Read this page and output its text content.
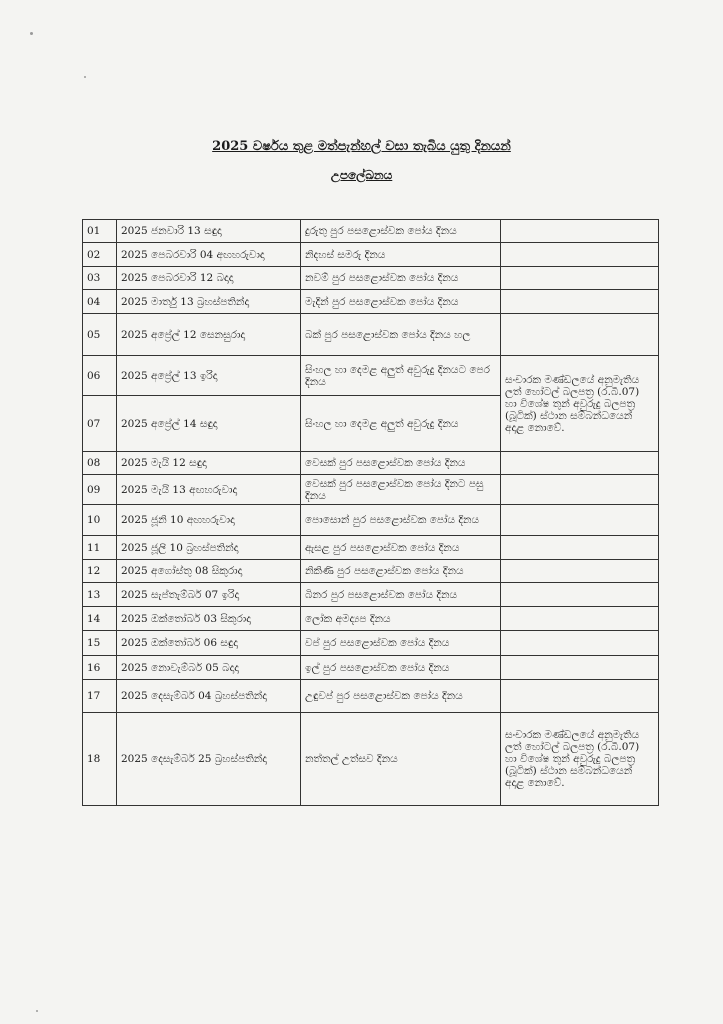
2025 වර්ෂය තුළ මත්පැන්හල් වසා තැබිය යුතු දිනයන්
උපලේඛනය
01	2025 ජනවාරි 13 සඳුදා	දුරුතු පුර පසළොස්වක පෝය දිනය	
02	2025 පෙබරවාරි 04 අඟහරුවාදා	නිදහස් සමරු දිනය	
03	2025 පෙබරවාරි 12 බදාදා	නවම් පුර පසළොස්වක පෝය දිනය	
04	2025 මාර්තු 13 බ්‍රහස්පතින්දා	මැදින් පුර පසළොස්වක පෝය දිනය	
05	2025 අප්‍රේල් 12 සෙනසුරාදා	බක් පුර පසළොස්වක පෝය දිනය හල	
06	2025 අප්‍රේල් 13 ඉරිදා	සිංහල හා දෙමළ අලුත් අවුරුදු දිනයට පෙර දිනය	සංචාරක මණ්ඩලයේ අනුමැතිය ලත් හෝටල් බලපත්‍ර (ර.බී.07) හා විශේෂ තුන් අවුරුදු බලපත්‍ර (බූටික්) ස්ථාන සම්බන්ධයෙන් අදාළ නොවේ.
07	2025 අප්‍රේල් 14 සඳුදා	සිංහල හා දෙමළ අලුත් අවුරුදු දිනය	
08	2025 මැයි 12 සඳුදා	වෙසක් පුර පසළොස්වක පෝය දිනය	
09	2025 මැයි 13 අඟහරුවාදා	වෙසක් පුර පසළොස්වක පෝය දිනට පසු දිනය	
10	2025 ජූනි 10 අඟහරුවාදා	පොසොන් පුර පසළොස්වක පෝය දිනය	
11	2025 ජූලි 10 බ්‍රහස්පතින්දා	ඇසළ පුර පසළොස්වක පෝය දිනය	
12	2025 අගෝස්තු 08 සිකුරාදා	නිකිණි පුර පසළොස්වක පෝය දිනය	
13	2025 සැප්තැම්බර් 07 ඉරිදා	බිනර පුර පසළොස්වක පෝය දිනය	
14	2025 ඔක්තෝබර් 03 සිකුරාදා	ලෝක අමද්‍යප දිනය	
15	2025 ඔක්තෝබර් 06 සඳුදා	වප් පුර පසළොස්වක පෝය දිනය	
16	2025 නොවැම්බර් 05 බදාදා	ඉල් පුර පසළොස්වක පෝය දිනය	
17	2025 දෙසැම්බර් 04 බ්‍රහස්පතින්දා	උඳුවප් පුර පසළොස්වක පෝය දිනය	
18	2025 දෙසැම්බර් 25 බ්‍රහස්පතින්දා	නත්තල් උත්සව දිනය	සංචාරක මණ්ඩලයේ අනුමැතිය ලත් හෝටල් බලපත්‍ර (ර.බී.07) හා විශේෂ තුන් අවුරුදු බලපත්‍ර (බූටික්) ස්ථාන සම්බන්ධයෙන් අදාළ නොවේ.
